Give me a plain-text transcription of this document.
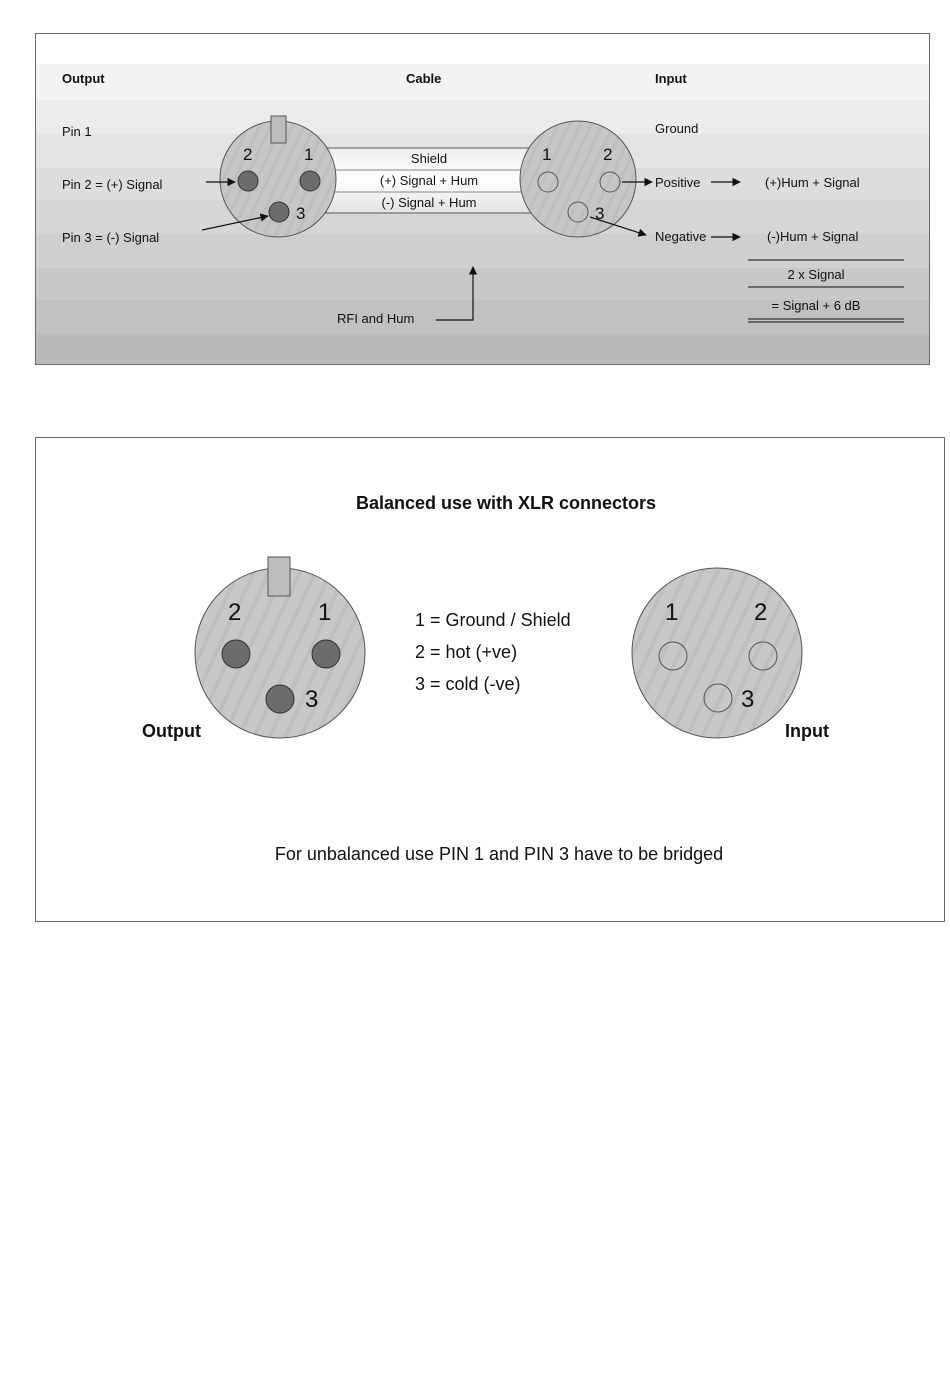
Output	Cable	Input
Pin 1
Pin 2 = (+) Signal
Pin 3 = (-) Signal
2	1
3
Shield
(+) Signal + Hum
(-) Signal + Hum
1	2
3
Ground
Positive
Negative
(+)Hum + Signal
(-)Hum + Signal
2 x Signal
= Signal + 6 dB
RFI and Hum
Balanced use with XLR connectors
2	1
3
Output
1 = Ground / Shield
2 = hot (+ve)
3 = cold (-ve)
1	2
3
Input
For unbalanced use PIN 1 and PIN 3 have to be bridged
